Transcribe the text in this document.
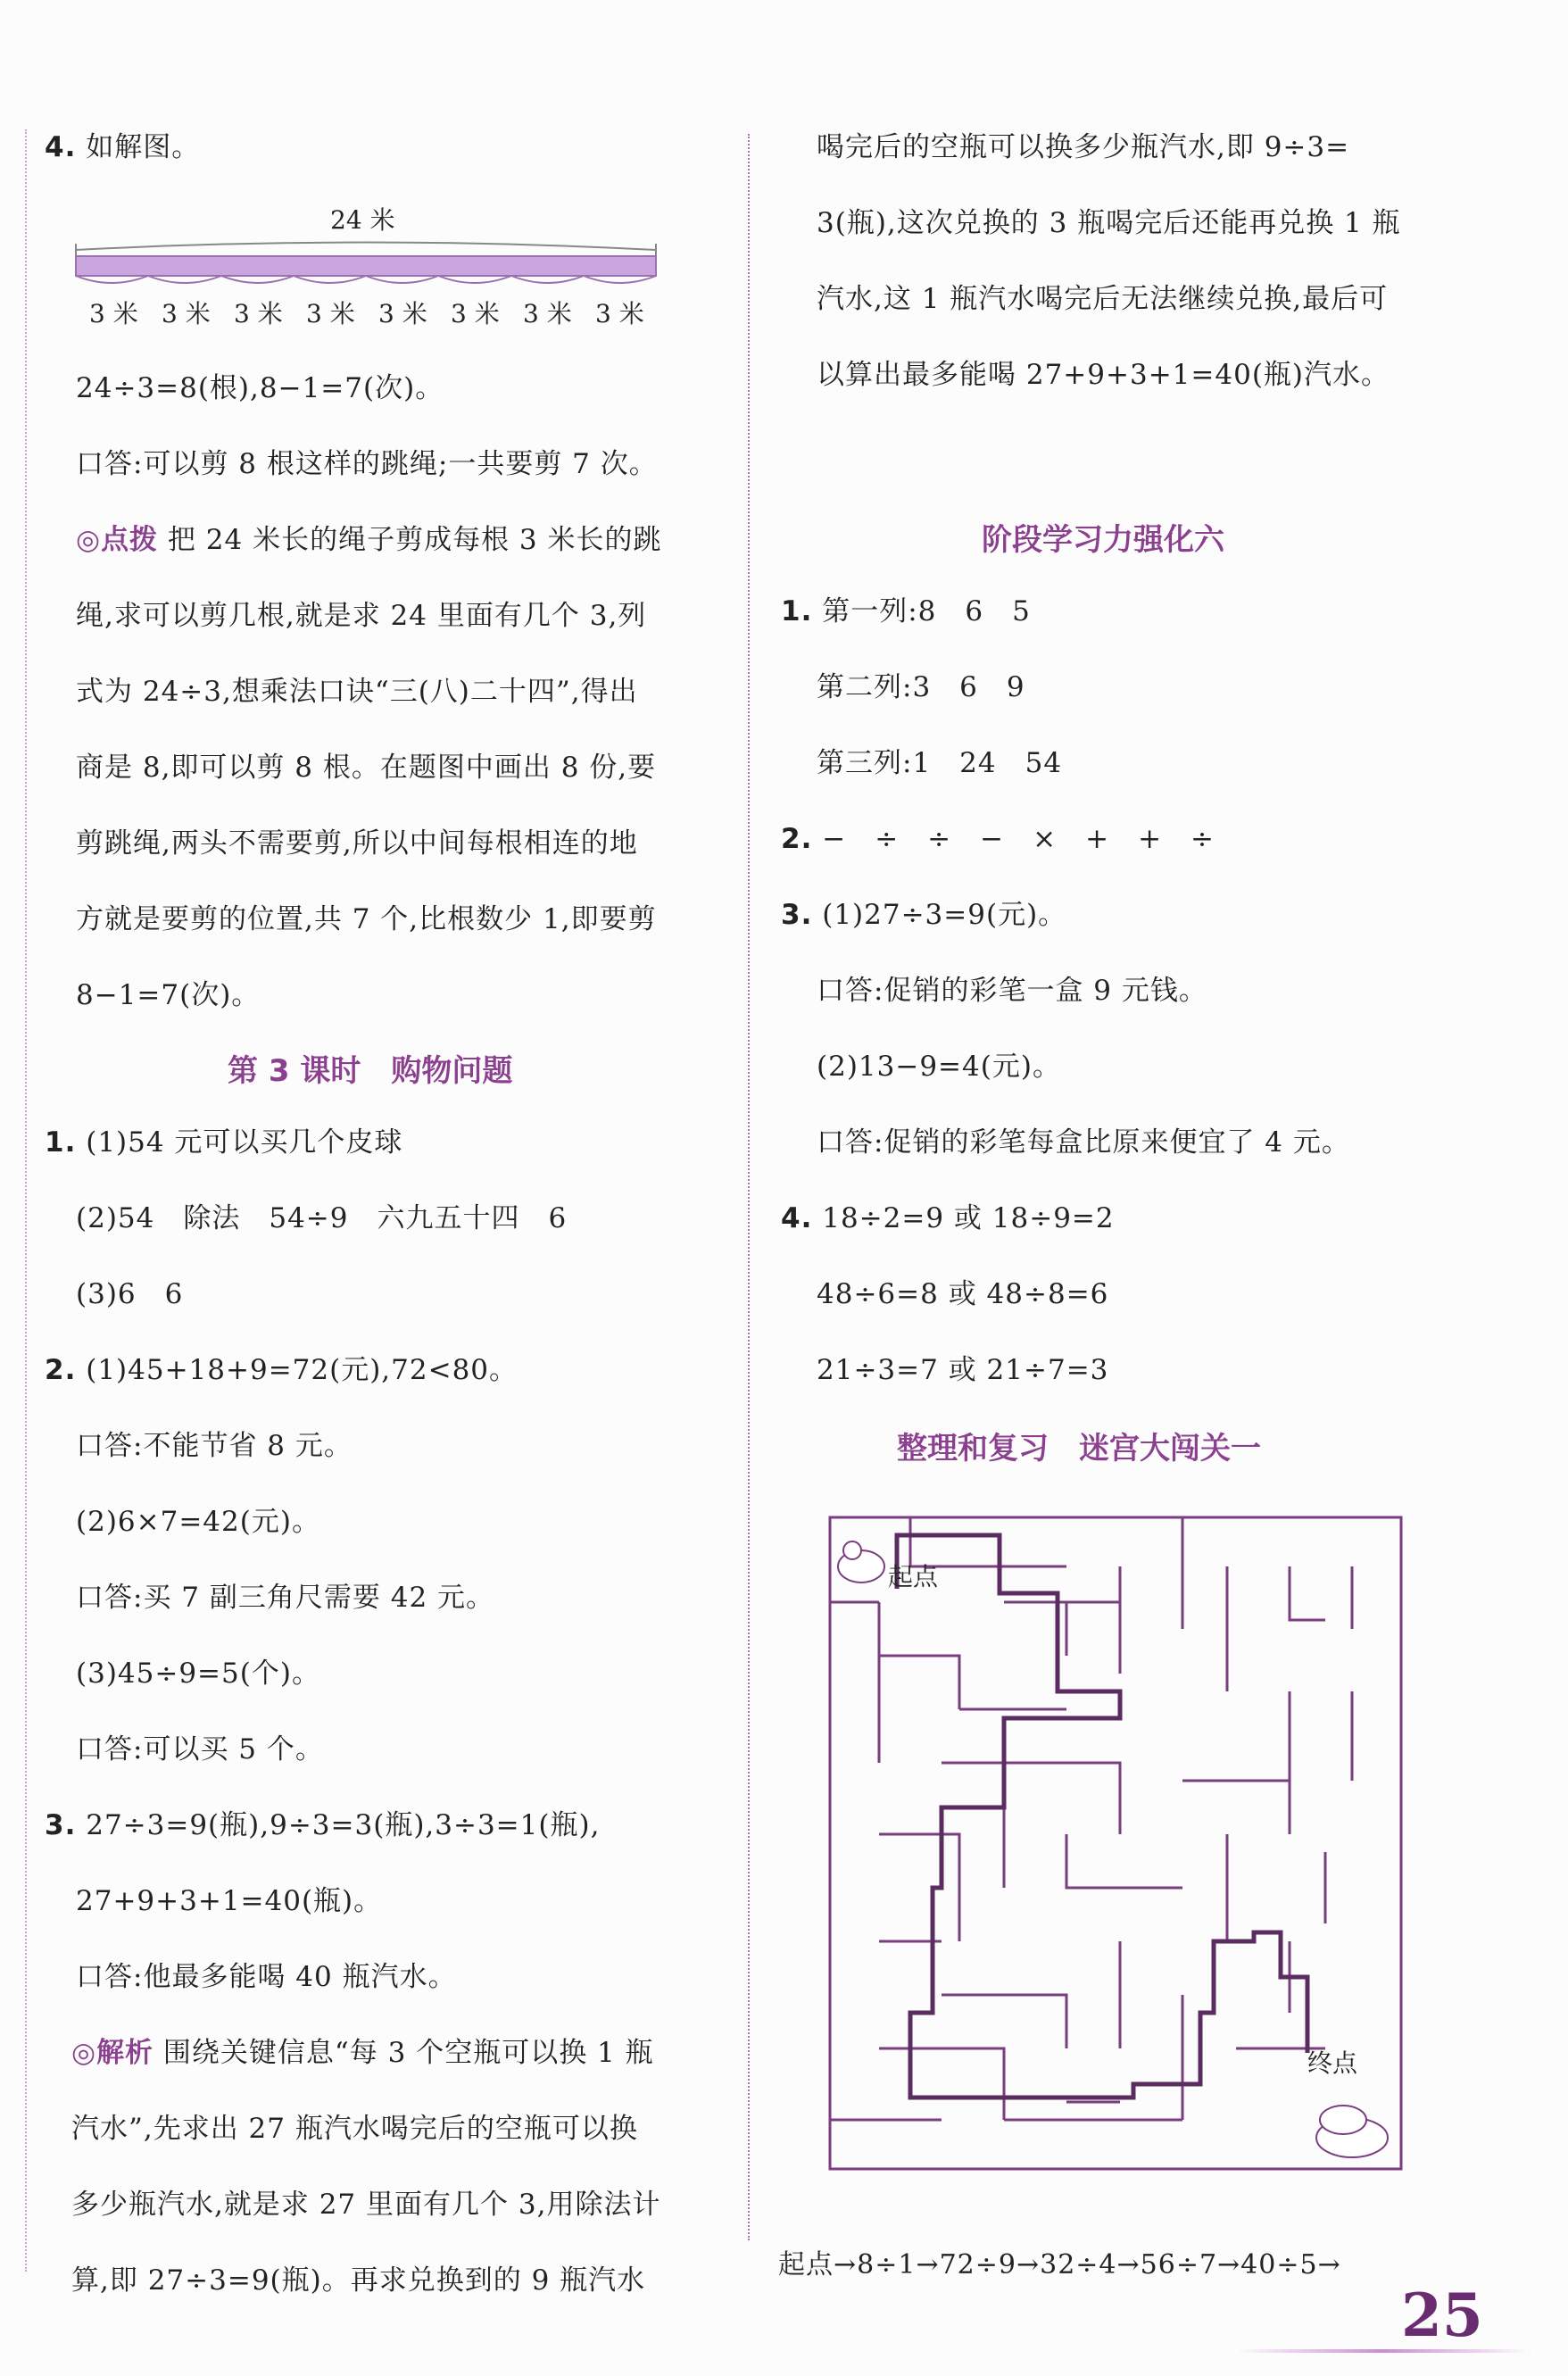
4. 如解图。
24 米
3 米 3 米 3 米 3 米 3 米 3 米 3 米 3 米
24÷3=8(根),8−1=7(次)。
口答:可以剪 8 根这样的跳绳;一共要剪 7 次。
◎点拨 把 24 米长的绳子剪成每根 3 米长的跳
绳,求可以剪几根,就是求 24 里面有几个 3,列
式为 24÷3,想乘法口诀“三(八)二十四”,得出
商是 8,即可以剪 8 根。在题图中画出 8 份,要
剪跳绳,两头不需要剪,所以中间每根相连的地
方就是要剪的位置,共 7 个,比根数少 1,即要剪
8−1=7(次)。
第 3 课时　购物问题
1. (1)54 元可以买几个皮球
(2)54　除法　54÷9　六九五十四　6
(3)6　6
2. (1)45+18+9=72(元),72<80。
口答:不能节省 8 元。
(2)6×7=42(元)。
口答:买 7 副三角尺需要 42 元。
(3)45÷9=5(个)。
口答:可以买 5 个。
3. 27÷3=9(瓶),9÷3=3(瓶),3÷3=1(瓶),
27+9+3+1=40(瓶)。
口答:他最多能喝 40 瓶汽水。
◎解析 围绕关键信息“每 3 个空瓶可以换 1 瓶
汽水”,先求出 27 瓶汽水喝完后的空瓶可以换
多少瓶汽水,就是求 27 里面有几个 3,用除法计
算,即 27÷3=9(瓶)。再求兑换到的 9 瓶汽水
喝完后的空瓶可以换多少瓶汽水,即 9÷3=
3(瓶),这次兑换的 3 瓶喝完后还能再兑换 1 瓶
汽水,这 1 瓶汽水喝完后无法继续兑换,最后可
以算出最多能喝 27+9+3+1=40(瓶)汽水。
阶段学习力强化六
1. 第一列:8　6　5
第二列:3　6　9
第三列:1　24　54
2. −　÷　÷　−　×　+　+　÷
3. (1)27÷3=9(元)。
口答:促销的彩笔一盒 9 元钱。
(2)13−9=4(元)。
口答:促销的彩笔每盒比原来便宜了 4 元。
4. 18÷2=9 或 18÷9=2
48÷6=8 或 48÷8=6
21÷3=7 或 21÷7=3
整理和复习　迷宫大闯关一
起点
终点
起点→8÷1→72÷9→32÷4→56÷7→40÷5→
25
